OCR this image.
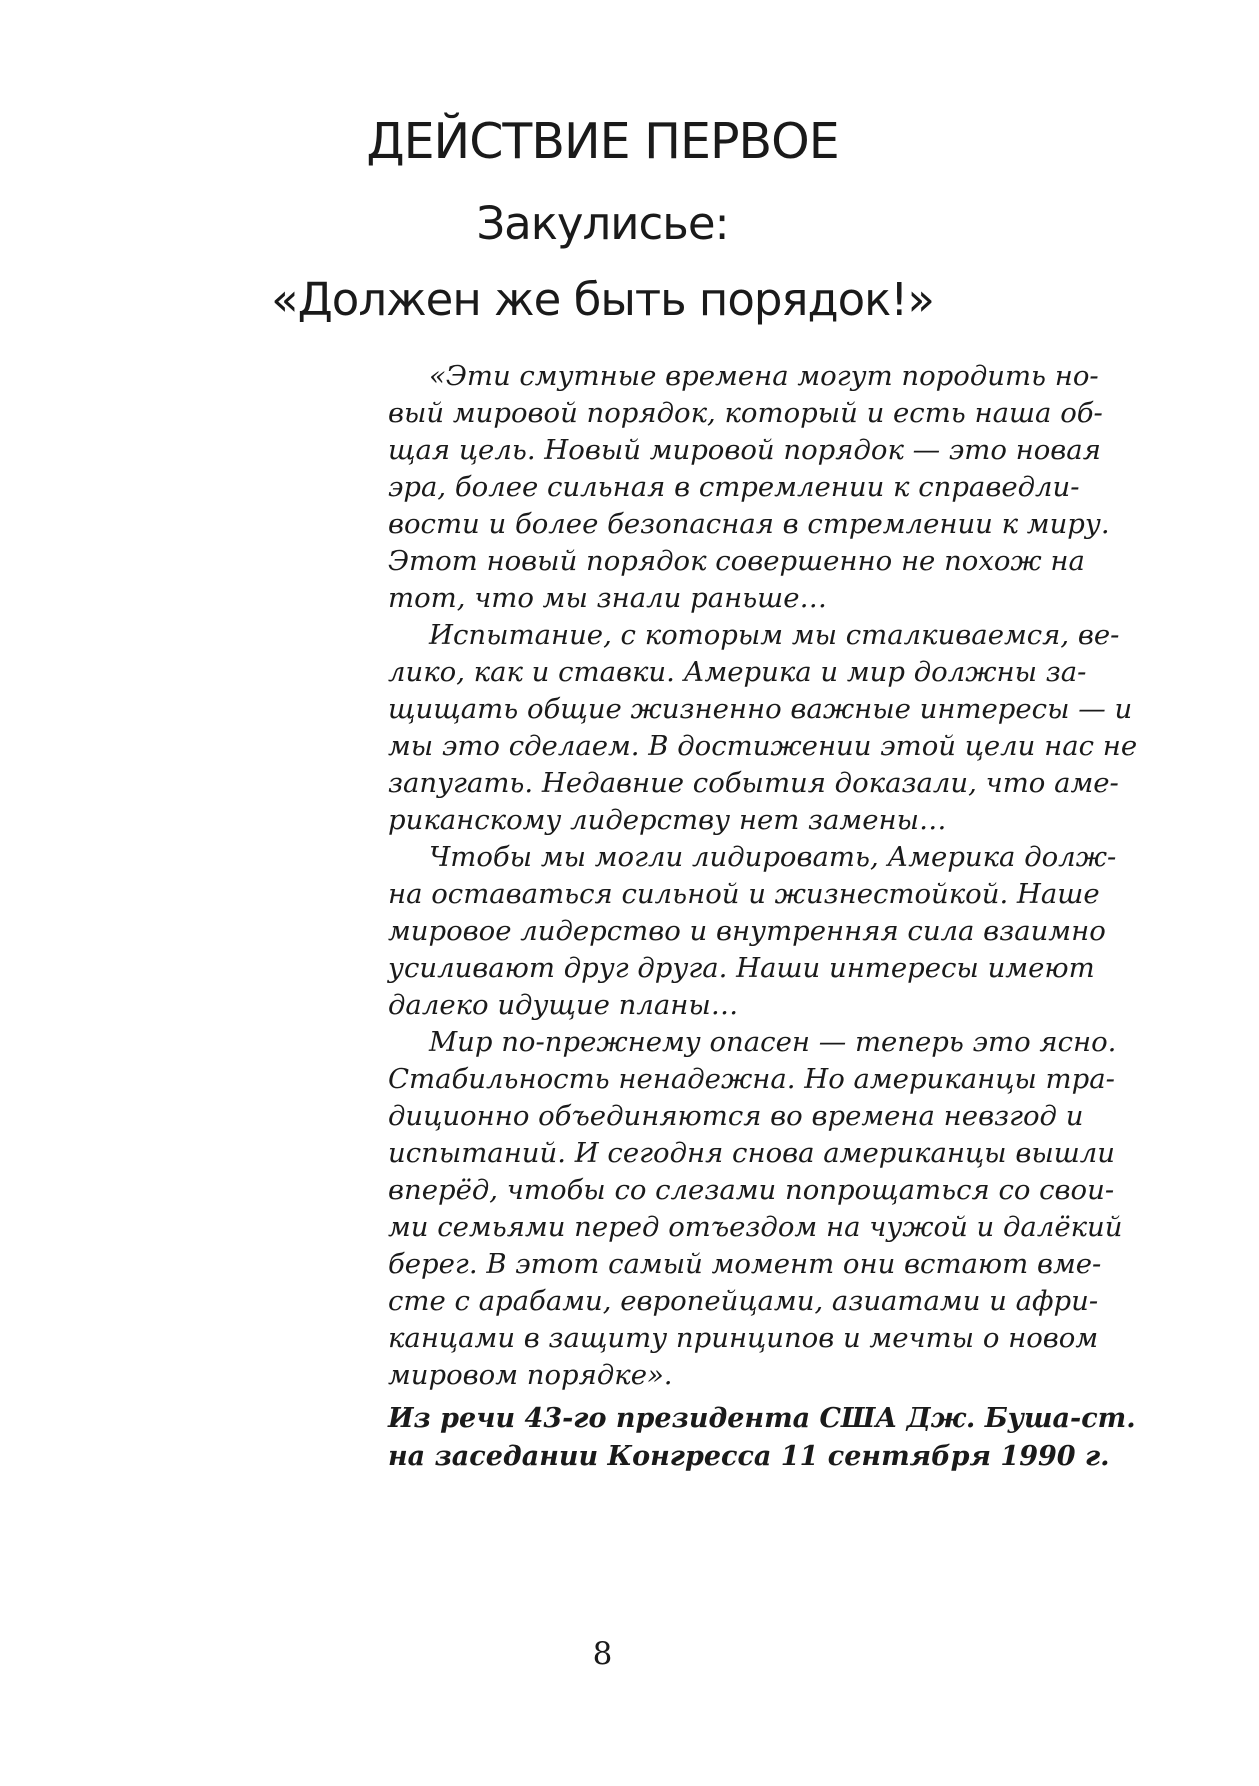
ДЕЙСТВИЕ ПЕРВОЕ
Закулисье:
«Должен же быть порядок!»
«Эти смутные времена могут породить но-
вый мировой порядок, который и есть наша об-
щая цель. Новый мировой порядок — это новая
эра, более сильная в стремлении к справедли-
вости и более безопасная в стремлении к миру.
Этот новый порядок совершенно не похож на
тот, что мы знали раньше…
Испытание, с которым мы сталкиваемся, ве-
лико, как и ставки. Америка и мир должны за-
щищать общие жизненно важные интересы — и
мы это сделаем. В достижении этой цели нас не
запугать. Недавние события доказали, что аме-
риканскому лидерству нет замены…
Чтобы мы могли лидировать, Америка долж-
на оставаться сильной и жизнестойкой. Наше
мировое лидерство и внутренняя сила взаимно
усиливают друг друга. Наши интересы имеют
далеко идущие планы…
Мир по-прежнему опасен — теперь это ясно.
Стабильность ненадежна. Но американцы тра-
диционно объединяются во времена невзгод и
испытаний. И сегодня снова американцы вышли
вперёд, чтобы со слезами попрощаться со свои-
ми семьями перед отъездом на чужой и далёкий
берег. В этот самый момент они встают вме-
сте с арабами, европейцами, азиатами и афри-
канцами в защиту принципов и мечты о новом
мировом порядке».
Из речи 43-го президента США Дж. Буша-ст.
на заседании Конгресса 11 сентября 1990 г.
8
